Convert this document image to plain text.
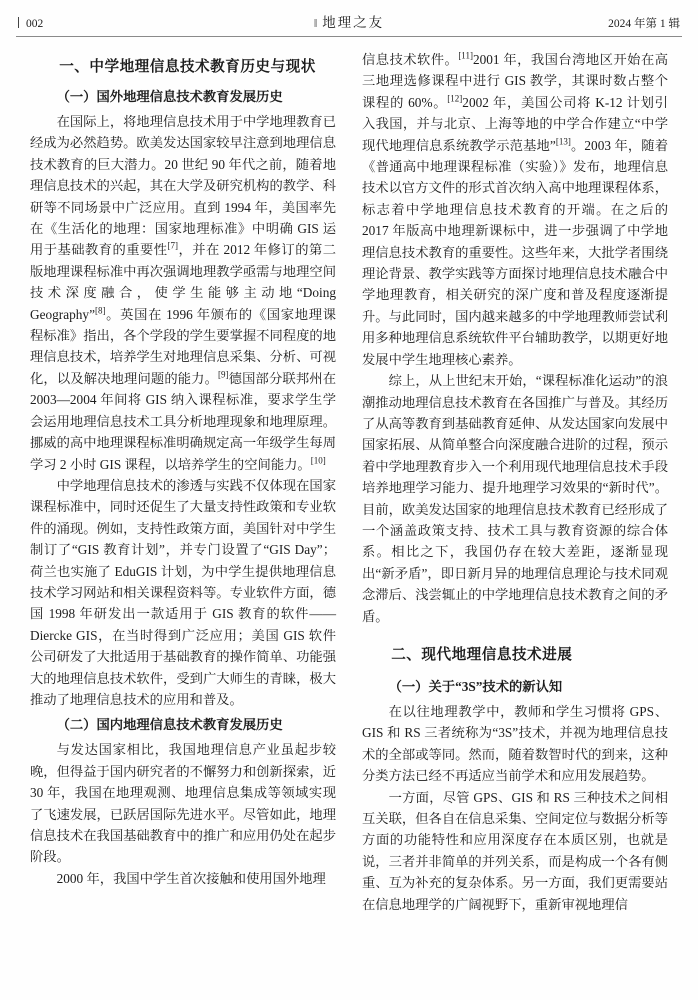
002	‖ 地理之友	2024 年第 1 辑
一、中学地理信息技术教育历史与现状
（一）国外地理信息技术教育发展历史

在国际上，将地理信息技术用于中学地理教育已经成为必然趋势。欧美发达国家较早注意到地理信息技术教育的巨大潜力。20 世纪 90 年代之前，随着地理信息技术的兴起，其在大学及研究机构的教学、科研等不同场景中广泛应用。直到 1994 年，美国率先在《生活化的地理：国家地理标准》中明确 GIS 运用于基础教育的重要性[7]，并在 2012 年修订的第二版地理课程标准中再次强调地理教学亟需与地理空间技术深度融合，使学生能够主动地“Doing Geography”[8]。英国在 1996 年颁布的《国家地理课程标准》指出，各个学段的学生要掌握不同程度的地理信息技术，培养学生对地理信息采集、分析、可视化，以及解决地理问题的能力。[9]德国部分联邦州在 2003—2004 年间将 GIS 纳入课程标准，要求学生学会运用地理信息技术工具分析地理现象和地理原理。挪威的高中地理课程标准明确规定高一年级学生每周学习 2 小时 GIS 课程，以培养学生的空间能力。[10]

中学地理信息技术的渗透与实践不仅体现在国家课程标准中，同时还促生了大量支持性政策和专业软件的涌现。例如，支持性政策方面，美国针对中学生制订了“GIS 教育计划”，并专门设置了“GIS Day”；荷兰也实施了 EduGIS 计划，为中学生提供地理信息技术学习网站和相关课程资料等。专业软件方面，德国 1998 年研发出一款适用于 GIS 教育的软件——Diercke GIS，在当时得到广泛应用；美国 GIS 软件公司研发了大批适用于基础教育的操作简单、功能强大的地理信息技术软件，受到广大师生的青睐，极大推动了地理信息技术的应用和普及。

（二）国内地理信息技术教育发展历史

与发达国家相比，我国地理信息产业虽起步较晚，但得益于国内研究者的不懈努力和创新探索，近 30 年，我国在地理观测、地理信息集成等领域实现了飞速发展，已跃居国际先进水平。尽管如此，地理信息技术在我国基础教育中的推广和应用仍处在起步阶段。

2000 年，我国中学生首次接触和使用国外地理

信息技术软件。[11]2001 年，我国台湾地区开始在高三地理选修课程中进行 GIS 教学，其课时数占整个课程的 60%。[12]2002 年，美国公司将 K-12 计划引入我国，并与北京、上海等地的中学合作建立“中学现代地理信息系统教学示范基地”[13]。2003 年，随着《普通高中地理课程标准（实验）》发布，地理信息技术以官方文件的形式首次纳入高中地理课程体系，标志着中学地理信息技术教育的开端。在之后的 2017 年版高中地理新课标中，进一步强调了中学地理信息技术教育的重要性。这些年来，大批学者围绕理论背景、教学实践等方面探讨地理信息技术融合中学地理教育，相关研究的深广度和普及程度逐渐提升。与此同时，国内越来越多的中学地理教师尝试利用多种地理信息系统软件平台辅助教学，以期更好地发展中学生地理核心素养。

综上，从上世纪末开始，“课程标准化运动”的浪潮推动地理信息技术教育在各国推广与普及。其经历了从高等教育到基础教育延伸、从发达国家向发展中国家拓展、从简单整合向深度融合进阶的过程，预示着中学地理教育步入一个利用现代地理信息技术手段培养地理学习能力、提升地理学习效果的“新时代”。目前，欧美发达国家的地理信息技术教育已经形成了一个涵盖政策支持、技术工具与教育资源的综合体系。相比之下，我国仍存在较大差距，逐渐显现出“新矛盾”，即日新月异的地理信息理论与技术同观念滞后、浅尝辄止的中学地理信息技术教育之间的矛盾。

二、现代地理信息技术进展
（一）关于“3S”技术的新认知

在以往地理教学中，教师和学生习惯将 GPS、GIS 和 RS 三者统称为“3S”技术，并视为地理信息技术的全部或等同。然而，随着数智时代的到来，这种分类方法已经不再适应当前学术和应用发展趋势。

一方面，尽管 GPS、GIS 和 RS 三种技术之间相互关联，但各自在信息采集、空间定位与数据分析等方面的功能特性和应用深度存在本质区别，也就是说，三者并非简单的并列关系，而是构成一个各有侧重、互为补充的复杂体系。另一方面，我们更需要站在信息地理学的广阔视野下，重新审视地理信
